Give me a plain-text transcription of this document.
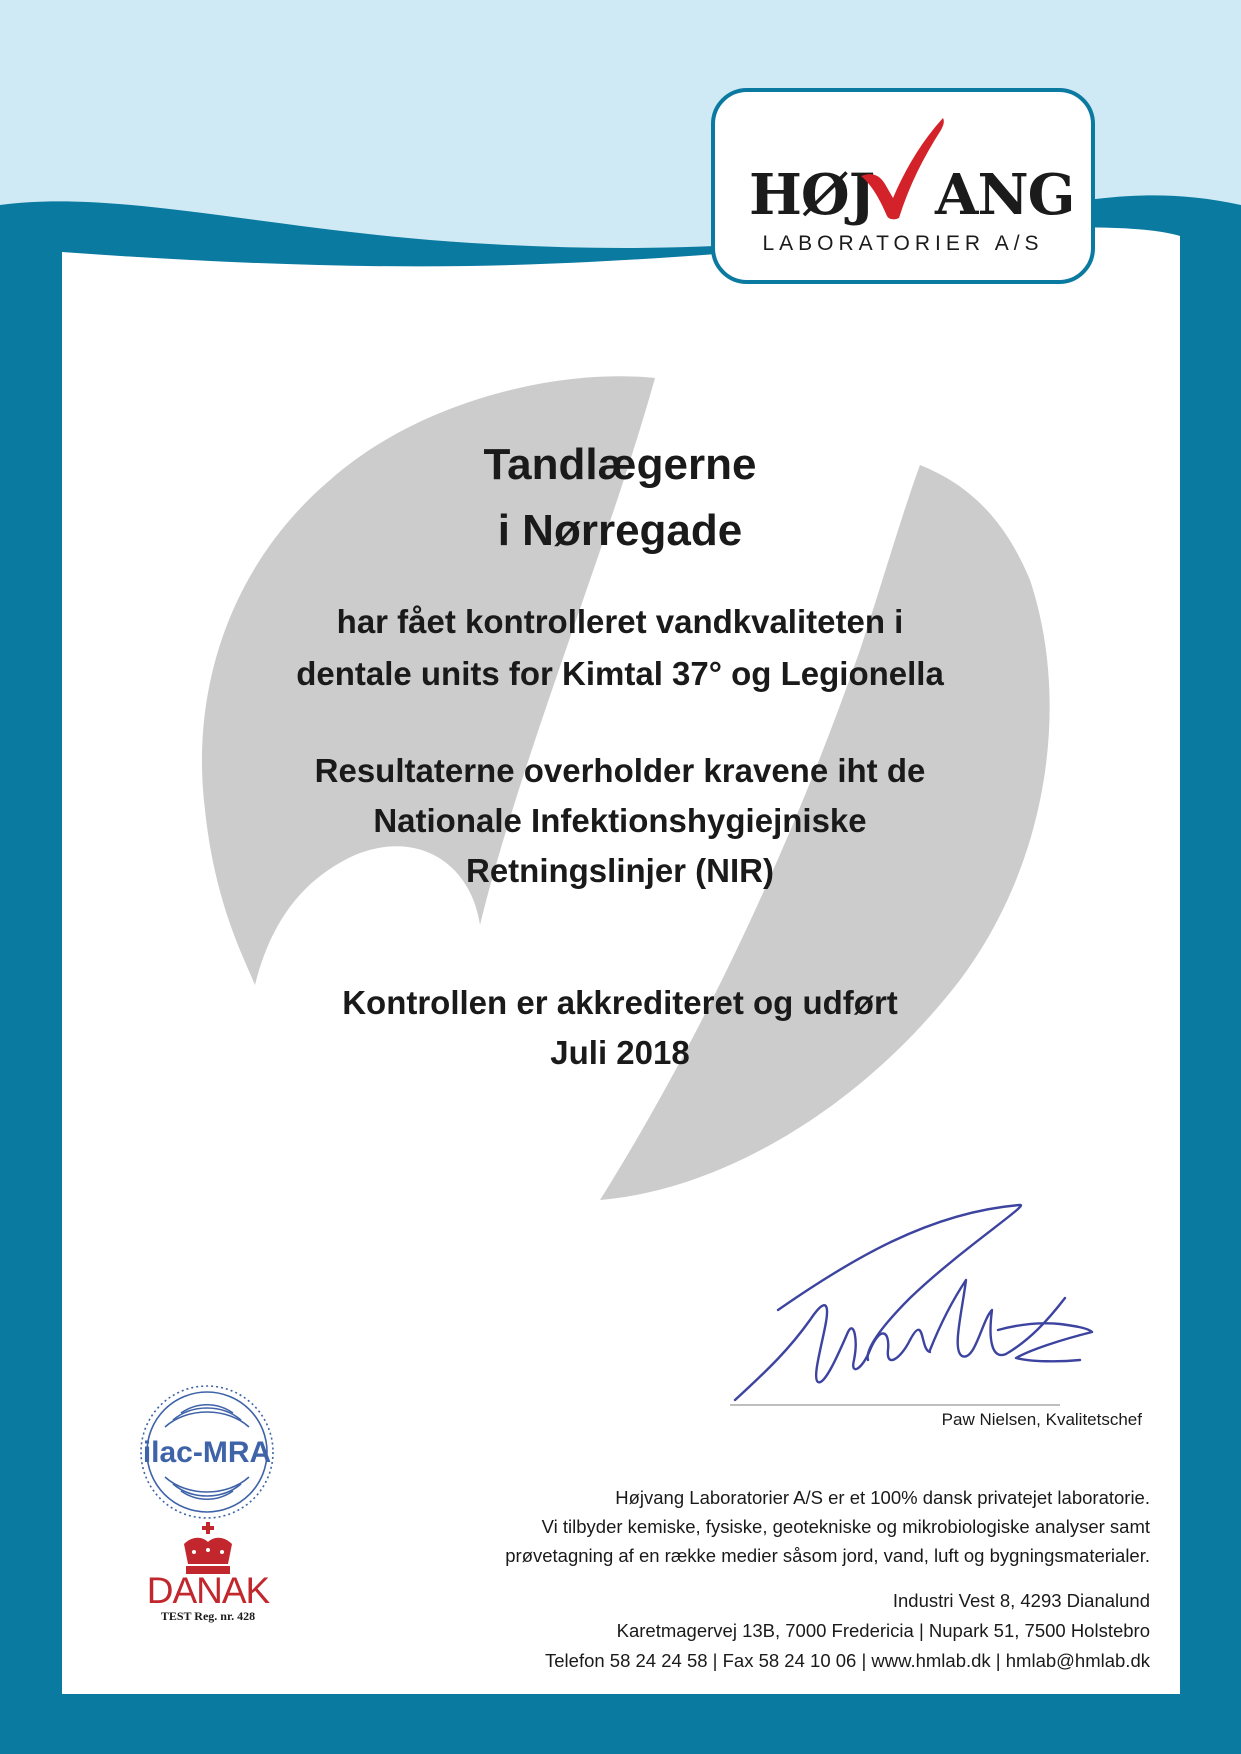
HØJ ANG
LABORATORIER A/S
Tandlægerne
i Nørregade
har fået kontrolleret vandkvaliteten i
dentale units for Kimtal 37° og Legionella
Resultaterne overholder kravene iht de
Nationale Infektionshygiejniske
Retningslinjer (NIR)
Kontrollen er akkrediteret og udført
Juli 2018
Paw Nielsen, Kvalitetschef
Højvang Laboratorier A/S er et 100% dansk privatejet laboratorie.
Vi tilbyder kemiske, fysiske, geotekniske og mikrobiologiske analyser samt
prøvetagning af en række medier såsom jord, vand, luft og bygningsmaterialer.
Industri Vest 8, 4293 Dianalund
Karetmagervej 13B, 7000 Fredericia | Nupark 51, 7500 Holstebro
Telefon 58 24 24 58 | Fax 58 24 10 06 | www.hmlab.dk | hmlab@hmlab.dk
ilac-MRA
DANAK
TEST Reg. nr. 428
